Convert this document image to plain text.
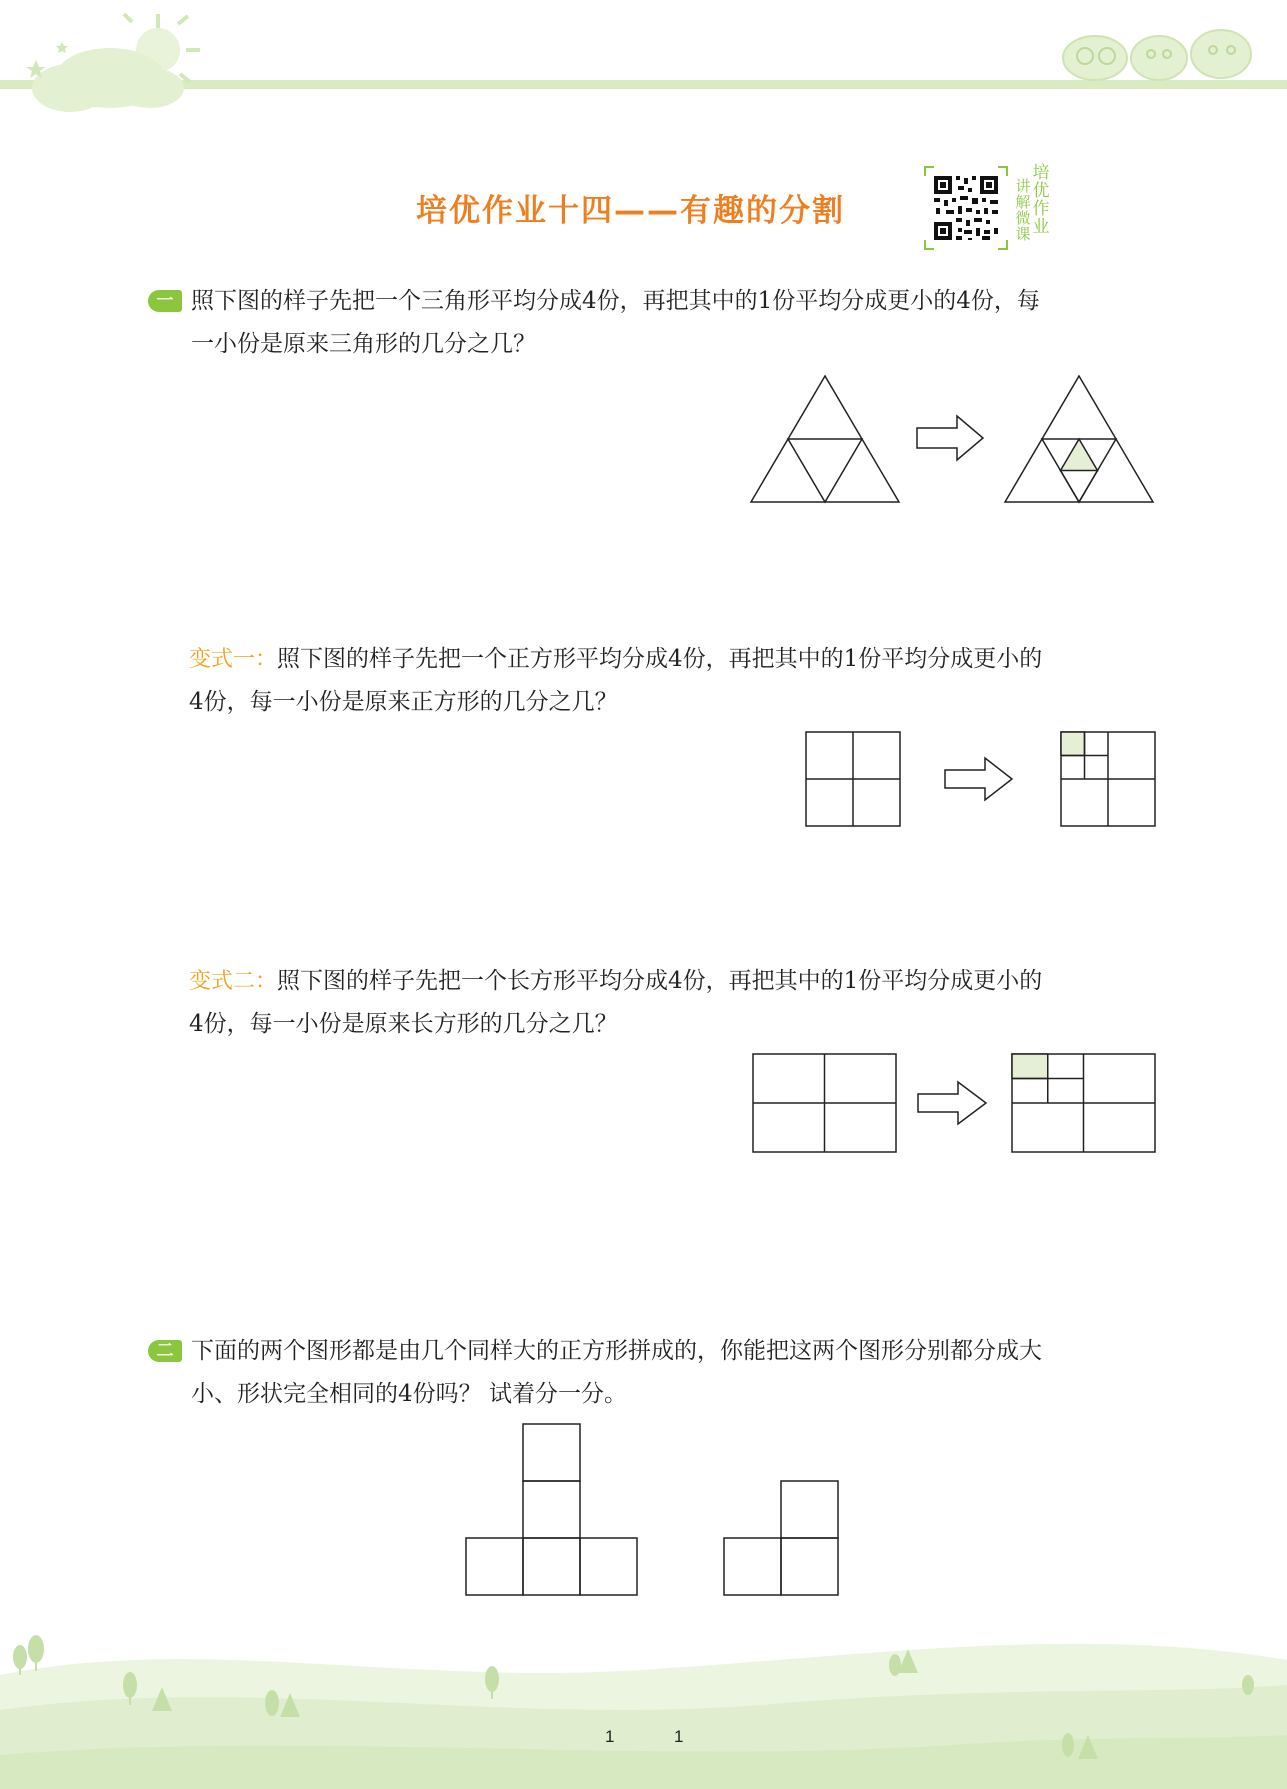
培优作业十四——有趣的分割
讲解微课
培优作业
一 照下图的样子先把一个三角形平均分成4份，再把其中的1份平均分成更小的4份，每
一小份是原来三角形的几分之几？
变式一：照下图的样子先把一个正方形平均分成4份，再把其中的1份平均分成更小的
4份，每一小份是原来正方形的几分之几？
变式二：照下图的样子先把一个长方形平均分成4份，再把其中的1份平均分成更小的
4份，每一小份是原来长方形的几分之几？
二 下面的两个图形都是由几个同样大的正方形拼成的，你能把这两个图形分别都分成大
小、形状完全相同的4份吗？ 试着分一分。
1	1
